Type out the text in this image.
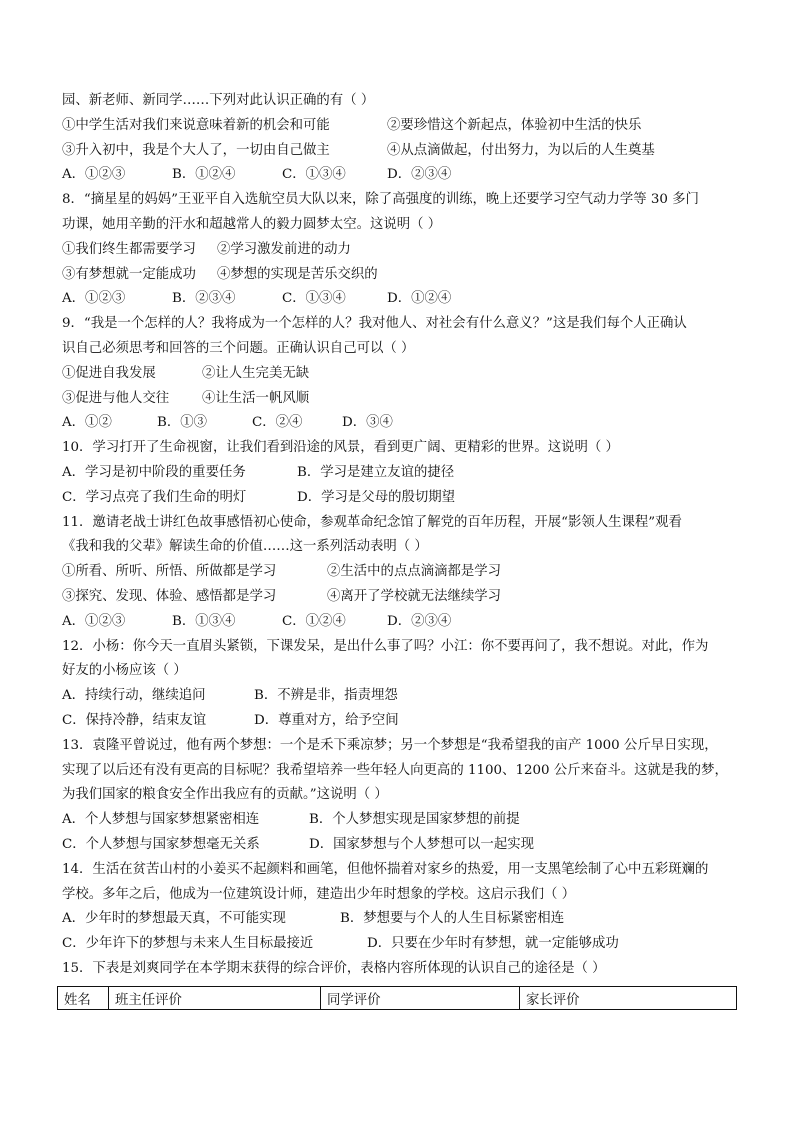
园、新老师、新同学……下列对此认识正确的有（ ）
①中学生活对我们来说意味着新的机会和可能	②要珍惜这个新起点，体验初中生活的快乐
③升入初中，我是个大人了，一切由自己做主	④从点滴做起，付出努力，为以后的人生奠基
A．①②③	B．①②④	C．①③④	D．②③④
8．“摘星星的妈妈”王亚平自入选航空员大队以来，除了高强度的训练，晚上还要学习空气动力学等 30 多门
功课，她用辛勤的汗水和超越常人的毅力圆梦太空。这说明（ ）
①我们终生都需要学习 ②学习激发前进的动力
③有梦想就一定能成功 ④梦想的实现是苦乐交织的
A．①②③	B．②③④	C．①③④	D．①②④
9．“我是一个怎样的人？我将成为一个怎样的人？我对他人、对社会有什么意义？”这是我们每个人正确认
识自己必须思考和回答的三个问题。正确认识自己可以（ ）
①促进自我发展	②让人生完美无缺
③促进与他人交往 ④让生活一帆风顺
A．①②	B．①③	C．②④	D．③④
10．学习打开了生命视窗，让我们看到沿途的风景，看到更广阔、更精彩的世界。这说明（ ）
A．学习是初中阶段的重要任务	B．学习是建立友谊的捷径
C．学习点亮了我们生命的明灯	D．学习是父母的殷切期望
11．邀请老战士讲红色故事感悟初心使命，参观革命纪念馆了解党的百年历程，开展“影领人生课程”观看
《我和我的父辈》解读生命的价值……这一系列活动表明（ ）
①所看、所听、所悟、所做都是学习	②生活中的点点滴滴都是学习
③探究、发现、体验、感悟都是学习	④离开了学校就无法继续学习
A．①②③	B．①③④	C．①②④	D．②③④
12．小杨：你今天一直眉头紧锁，下课发呆，是出什么事了吗？小江：你不要再问了，我不想说。对此，作为
好友的小杨应该（ ）
A．持续行动，继续追问	B．不辨是非，指责埋怨
C．保持冷静，结束友谊	D．尊重对方，给予空间
13．袁隆平曾说过，他有两个梦想：一个是禾下乘凉梦；另一个梦想是“我希望我的亩产 1000 公斤早日实现，
实现了以后还有没有更高的目标呢？我希望培养一些年轻人向更高的 1100、1200 公斤来奋斗。这就是我的梦，
为我们国家的粮食安全作出我应有的贡献。”这说明（ ）
A．个人梦想与国家梦想紧密相连	B．个人梦想实现是国家梦想的前提
C．个人梦想与国家梦想毫无关系	D．国家梦想与个人梦想可以一起实现
14．生活在贫苦山村的小姜买不起颜料和画笔，但他怀揣着对家乡的热爱，用一支黑笔绘制了心中五彩斑斓的
学校。多年之后，他成为一位建筑设计师，建造出少年时想象的学校。这启示我们（ ）
A．少年时的梦想最天真，不可能实现	B．梦想要与个人的人生目标紧密相连
C．少年许下的梦想与未来人生目标最接近	D．只要在少年时有梦想，就一定能够成功
15．下表是刘爽同学在本学期末获得的综合评价，表格内容所体现的认识自己的途径是（ ）
姓名	班主任评价	同学评价	家长评价
